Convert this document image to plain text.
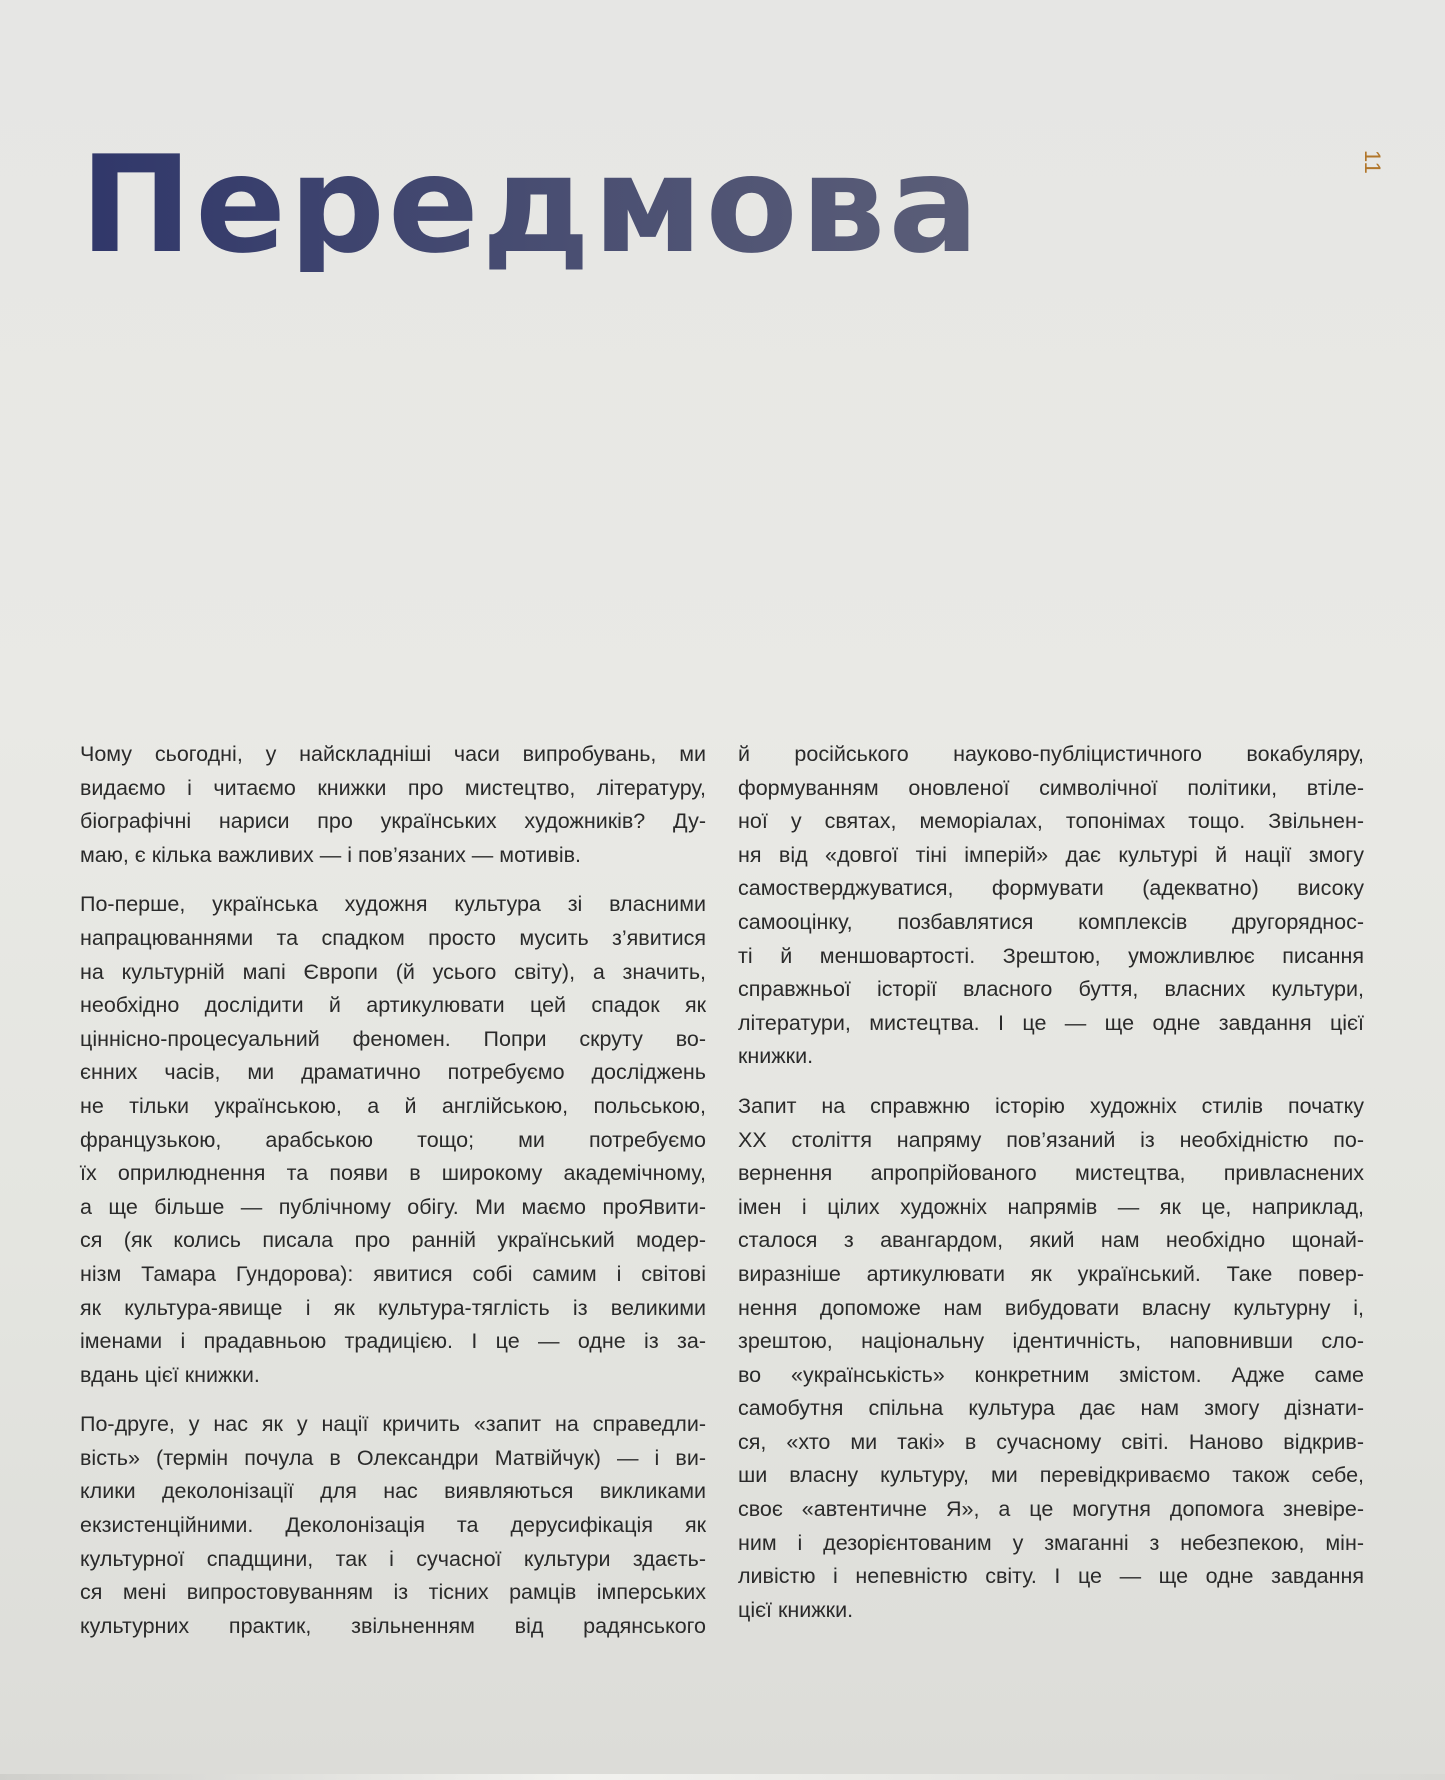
Передмова	11

Чому сьогодні, у найскладніші часи випробувань, ми
видаємо і читаємо книжки про мистецтво, літературу,
біографічні нариси про українських художників? Ду-
маю, є кілька важливих — і пов’язаних — мотивів.

По-перше, українська художня культура зі власними
напрацюваннями та спадком просто мусить з’явитися
на культурній мапі Європи (й усього світу), а значить,
необхідно дослідити й артикулювати цей спадок як
ціннісно-процесуальний феномен. Попри скруту во-
єнних часів, ми драматично потребуємо досліджень
не тільки українською, а й англійською, польською,
французькою, арабською тощо; ми потребуємо
їх оприлюднення та появи в широкому академічному,
а ще більше — публічному обігу. Ми маємо проЯвити-
ся (як колись писала про ранній український модер-
нізм Тамара Гундорова): явитися собі самим і світові
як культура-явище і як культура-тяглість із великими
іменами і прадавньою традицією. І це — одне із за-
вдань цієї книжки.

По-друге, у нас як у нації кричить «запит на справедли-
вість» (термін почула в Олександри Матвійчук) — і ви-
клики деколонізації для нас виявляються викликами
екзистенційними. Деколонізація та дерусифікація як
культурної спадщини, так і сучасної культури здаєть-
ся мені випростовуванням із тісних рамців імперських
культурних практик, звільненням від радянського

й російського науково-публіцистичного вокабуляру,
формуванням оновленої символічної політики, втіле-
ної у святах, меморіалах, топонімах тощо. Звільнен-
ня від «довгої тіні імперій» дає культурі й нації змогу
самостверджуватися, формувати (адекватно) високу
самооцінку, позбавлятися комплексів другоряднос-
ті й меншовартості. Зрештою, уможливлює писання
справжньої історії власного буття, власних культури,
літератури, мистецтва. І це — ще одне завдання цієї
книжки.

Запит на справжню історію художніх стилів початку
ХХ століття напряму пов’язаний із необхідністю по-
вернення апропрійованого мистецтва, привласнених
імен і цілих художніх напрямів — як це, наприклад,
сталося з авангардом, який нам необхідно щонай-
виразніше артикулювати як український. Таке повер-
нення допоможе нам вибудовати власну культурну і,
зрештою, національну ідентичність, наповнивши сло-
во «українськість» конкретним змістом. Адже саме
самобутня спільна культура дає нам змогу дізнати-
ся, «хто ми такі» в сучасному світі. Наново відкрив-
ши власну культуру, ми перевідкриваємо також себе,
своє «автентичне Я», а це могутня допомога зневіре-
ним і дезорієнтованим у змаганні з небезпекою, мін-
ливістю і непевністю світу. І це — ще одне завдання
цієї книжки.
